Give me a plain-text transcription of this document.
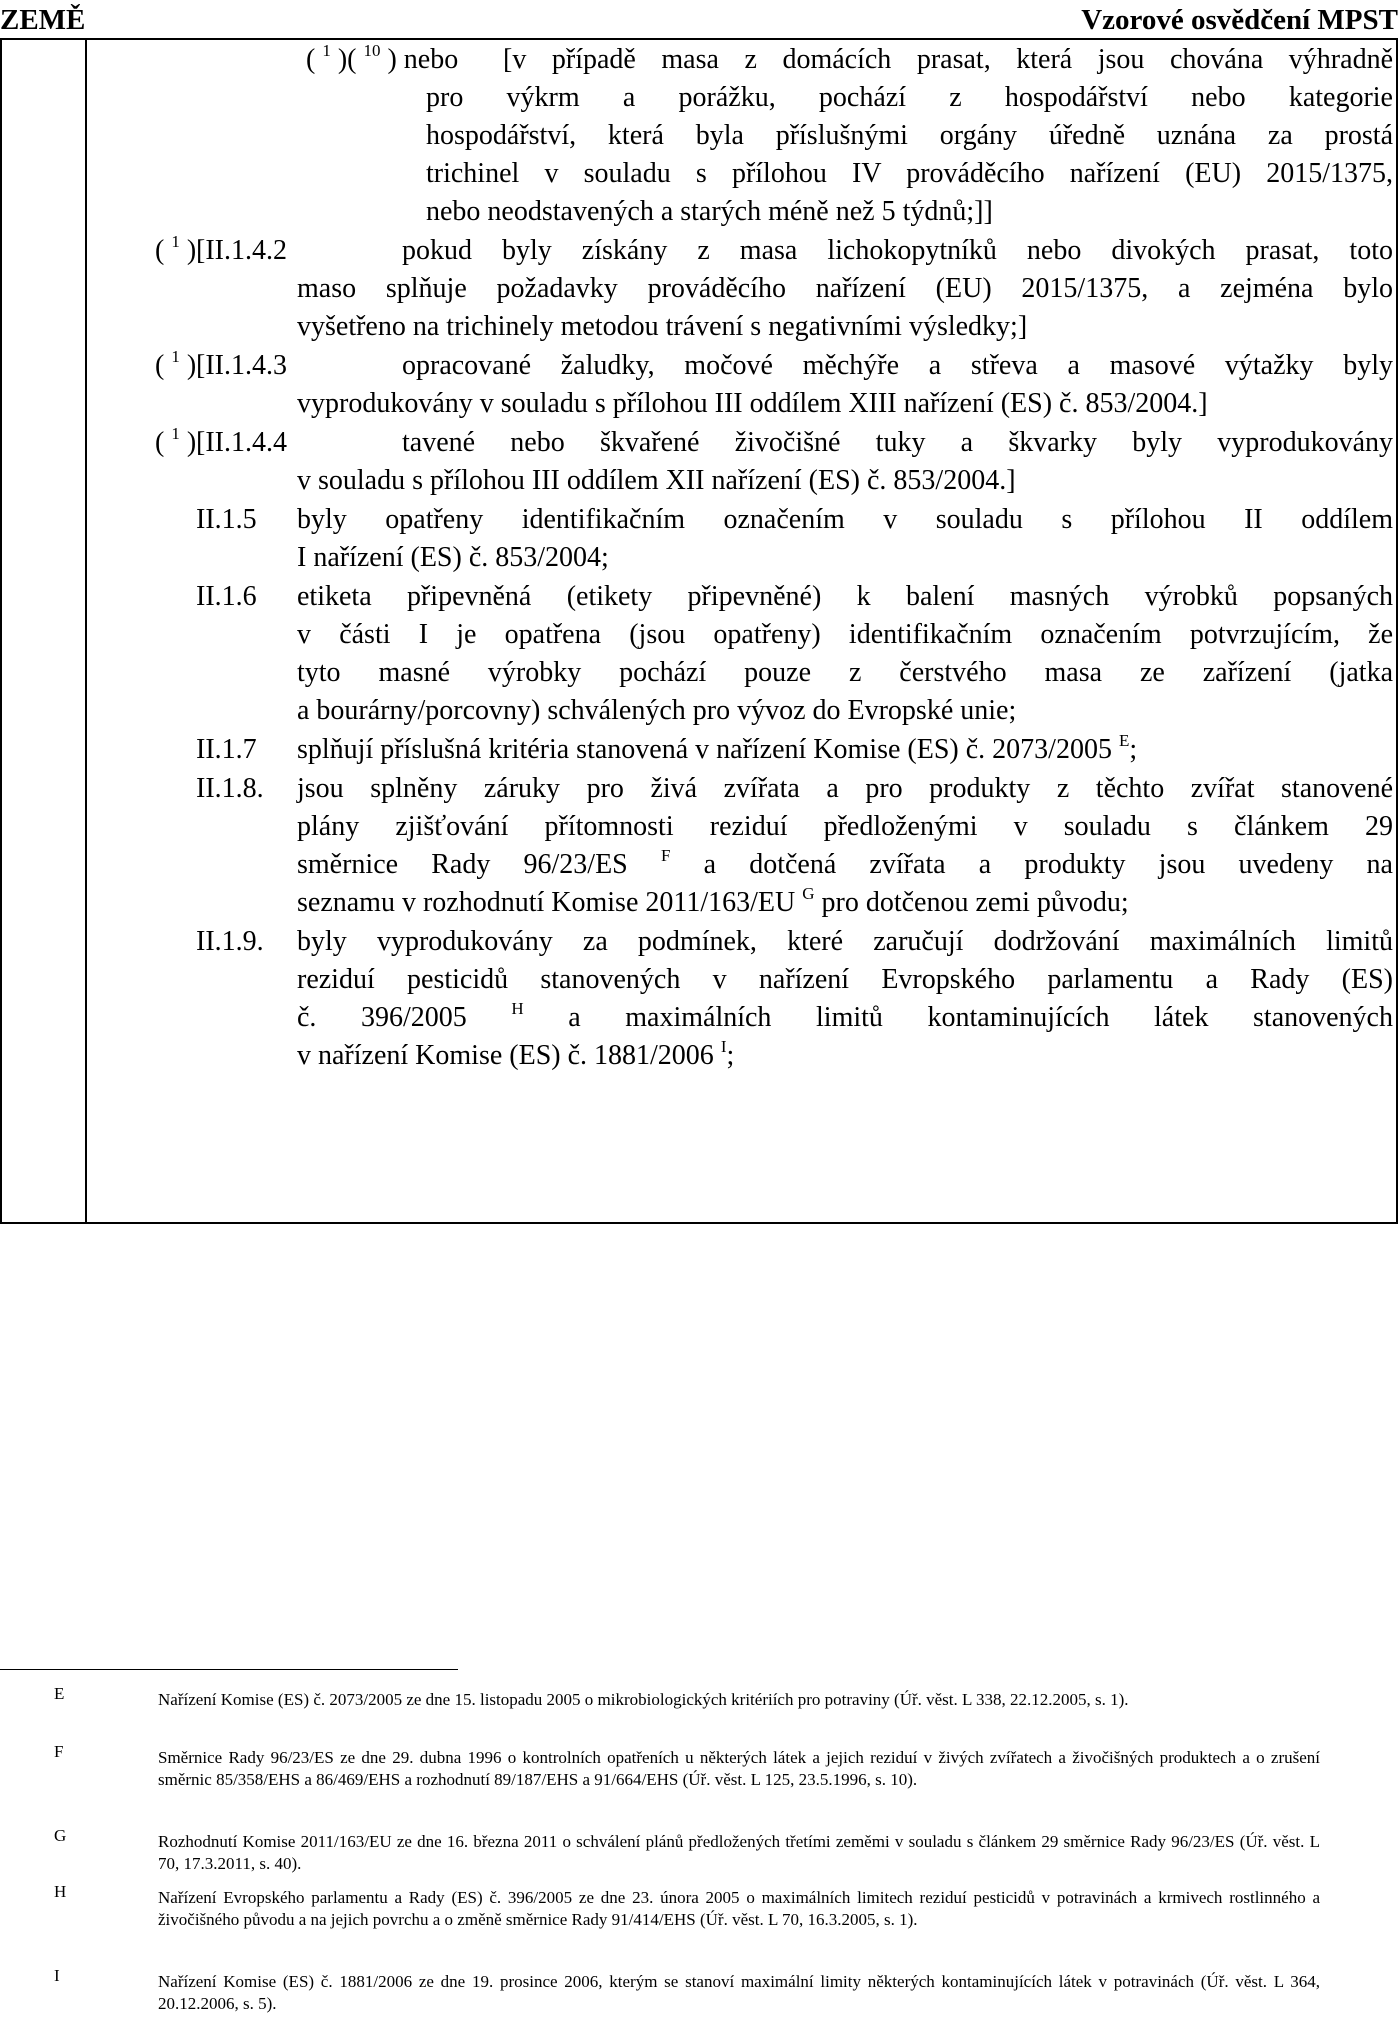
ZEMĚ	Vzorové osvědčení MPST
( $^1$ )( $^{10}$ ) nebo [v případě masa z domácích prasat, která jsou chována výhradně
pro výkrm a porážku, pochází z hospodářství nebo kategorie
hospodářství, která byla příslušnými orgány úředně uznána za prostá
trichinel v souladu s přílohou IV prováděcího nařízení (EU) 2015/1375,
nebo neodstavených a starých méně než 5 týdnů;]]
( $^1$ ) [II.1.4.2	pokud byly získány z masa lichokopytníků nebo divokých prasat, toto
maso splňuje požadavky prováděcího nařízení (EU) 2015/1375, a zejména bylo
vyšetřeno na trichinely metodou trávení s negativními výsledky;]
( $^1$ ) [II.1.4.3	opracované žaludky, močové měchýře a střeva a masové výtažky byly
vyprodukovány v souladu s přílohou III oddílem XIII nařízení (ES) č. 853/2004.]
( $^1$ ) [II.1.4.4	tavené nebo škvařené živočišné tuky a škvarky byly vyprodukovány
v souladu s přílohou III oddílem XII nařízení (ES) č. 853/2004.]
II.1.5 byly opatřeny identifikačním označením v souladu s přílohou II oddílem
I nařízení (ES) č. 853/2004;
II.1.6 etiketa připevněná (etikety připevněné) k balení masných výrobků popsaných
v části I je opatřena (jsou opatřeny) identifikačním označením potvrzujícím, že
tyto masné výrobky pochází pouze z čerstvého masa ze zařízení (jatka
a bourárny/porcovny) schválených pro vývoz do Evropské unie;
II.1.7 splňují příslušná kritéria stanovená v nařízení Komise (ES) č. 2073/2005 $^E$;
II.1.8. jsou splněny záruky pro živá zvířata a pro produkty z těchto zvířat stanovené
plány zjišťování přítomnosti reziduí předloženými v souladu s článkem 29
směrnice Rady 96/23/ES $^F$ a dotčená zvířata a produkty jsou uvedeny na
seznamu v rozhodnutí Komise 2011/163/EU $^G$ pro dotčenou zemi původu;
II.1.9. byly vyprodukovány za podmínek, které zaručují dodržování maximálních limitů
reziduí pesticidů stanovených v nařízení Evropského parlamentu a Rady (ES)
č. 396/2005 $^H$ a maximálních limitů kontaminujících látek stanovených
v nařízení Komise (ES) č. 1881/2006 $^I$;
E	Nařízení Komise (ES) č. 2073/2005 ze dne 15. listopadu 2005 o mikrobiologických kritériích pro potraviny (Úř. věst. L 338, 22.12.2005, s. 1).
F	Směrnice Rady 96/23/ES ze dne 29. dubna 1996 o kontrolních opatřeních u některých látek a jejich reziduí v živých zvířatech a živočišných produktech a o zrušení směrnic 85/358/EHS a 86/469/EHS a rozhodnutí 89/187/EHS a 91/664/EHS (Úř. věst. L 125, 23.5.1996, s. 10).
G	Rozhodnutí Komise 2011/163/EU ze dne 16. března 2011 o schválení plánů předložených třetími zeměmi v souladu s článkem 29 směrnice Rady 96/23/ES (Úř. věst. L 70, 17.3.2011, s. 40).
H	Nařízení Evropského parlamentu a Rady (ES) č. 396/2005 ze dne 23. února 2005 o maximálních limitech reziduí pesticidů v potravinách a krmivech rostlinného a živočišného původu a na jejich povrchu a o změně směrnice Rady 91/414/EHS (Úř. věst. L 70, 16.3.2005, s. 1).
I	Nařízení Komise (ES) č. 1881/2006 ze dne 19. prosince 2006, kterým se stanoví maximální limity některých kontaminujících látek v potravinách (Úř. věst. L 364, 20.12.2006, s. 5).
